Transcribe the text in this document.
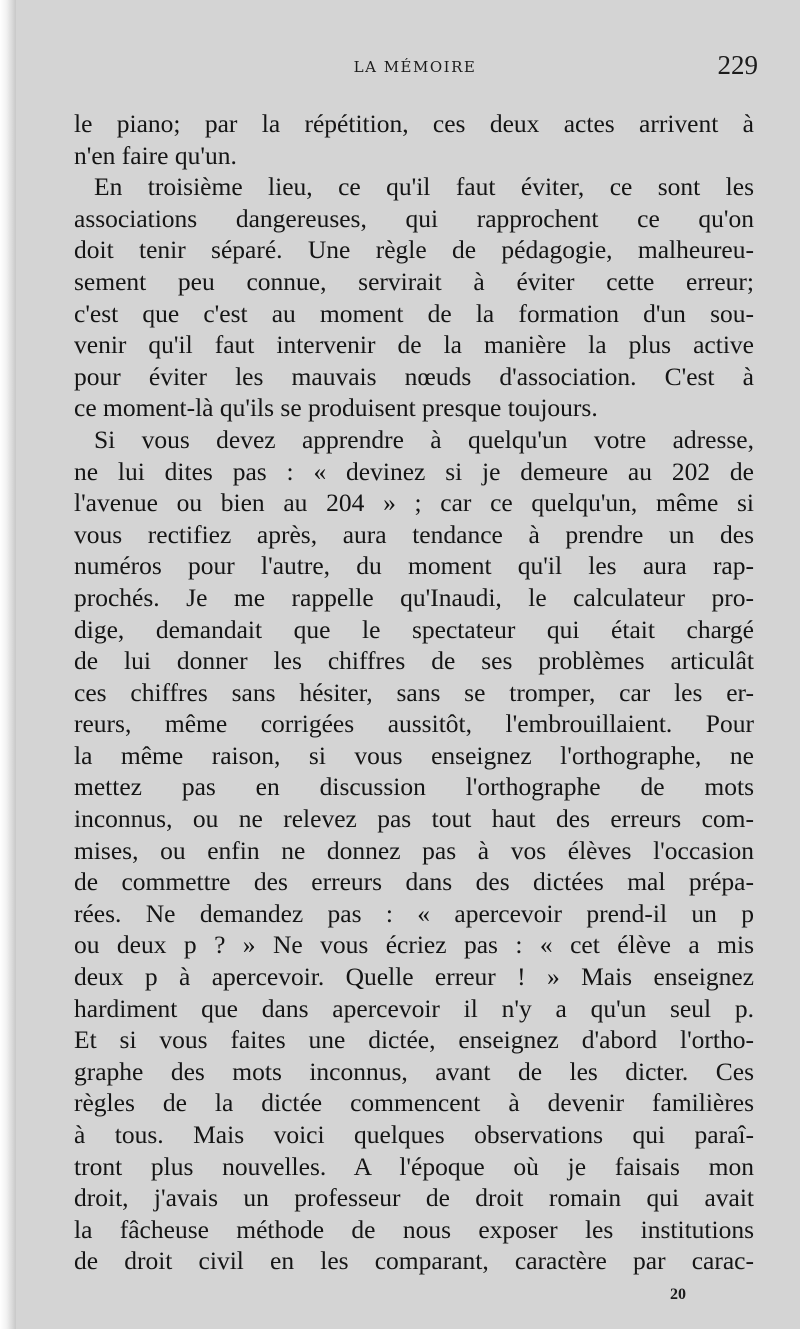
LA MÉMOIRE	229
le piano; par la répétition, ces deux actes arrivent à
n'en faire qu'un.
En troisième lieu, ce qu'il faut éviter, ce sont les
associations dangereuses, qui rapprochent ce qu'on
doit tenir séparé. Une règle de pédagogie, malheureu-
sement peu connue, servirait à éviter cette erreur;
c'est que c'est au moment de la formation d'un sou-
venir qu'il faut intervenir de la manière la plus active
pour éviter les mauvais nœuds d'association. C'est à
ce moment-là qu'ils se produisent presque toujours.
Si vous devez apprendre à quelqu'un votre adresse,
ne lui dites pas : « devinez si je demeure au 202 de
l'avenue ou bien au 204 » ; car ce quelqu'un, même si
vous rectifiez après, aura tendance à prendre un des
numéros pour l'autre, du moment qu'il les aura rap-
prochés. Je me rappelle qu'Inaudi, le calculateur pro-
dige, demandait que le spectateur qui était chargé
de lui donner les chiffres de ses problèmes articulât
ces chiffres sans hésiter, sans se tromper, car les er-
reurs, même corrigées aussitôt, l'embrouillaient. Pour
la même raison, si vous enseignez l'orthographe, ne
mettez pas en discussion l'orthographe de mots
inconnus, ou ne relevez pas tout haut des erreurs com-
mises, ou enfin ne donnez pas à vos élèves l'occasion
de commettre des erreurs dans des dictées mal prépa-
rées. Ne demandez pas : « apercevoir prend-il un p
ou deux p ? » Ne vous écriez pas : « cet élève a mis
deux p à apercevoir. Quelle erreur ! » Mais enseignez
hardiment que dans apercevoir il n'y a qu'un seul p.
Et si vous faites une dictée, enseignez d'abord l'ortho-
graphe des mots inconnus, avant de les dicter. Ces
règles de la dictée commencent à devenir familières
à tous. Mais voici quelques observations qui paraî-
tront plus nouvelles. A l'époque où je faisais mon
droit, j'avais un professeur de droit romain qui avait
la fâcheuse méthode de nous exposer les institutions
de droit civil en les comparant, caractère par carac-
20
